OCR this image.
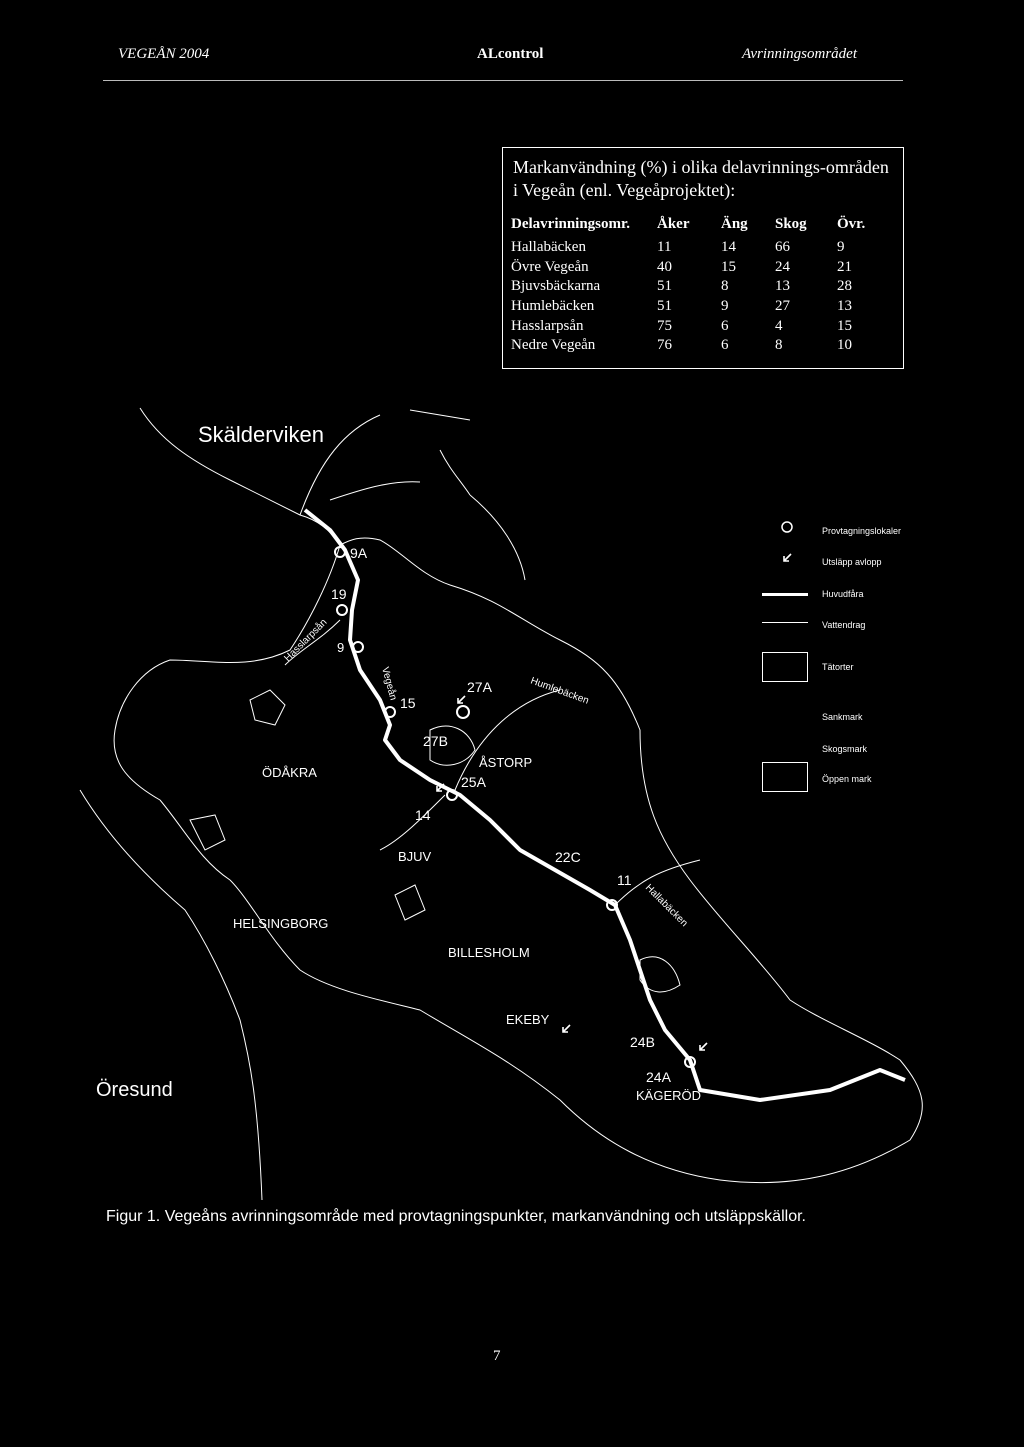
VEGEÅN 2004	ALcontrol	Avrinningsområdet
Markanvändning (%) i olika delavrinnings-områden i Vegeån (enl. Vegeåprojektet):
Delavrinningsomr.	Åker	Äng	Skog	Övr.
Hallabäcken	11	14	66	9
Övre Vegeån	40	15	24	21
Bjuvsbäckarna	51	8	13	28
Humlebäcken	51	9	27	13
Hasslarpsån	75	6	4	15
Nedre Vegeån	76	6	8	10
Skälderviken
Öresund
ÖDÅKRA
HELSINGBORG
BJUV
ÅSTORP
BILLESHOLM
EKEBY
KÄGERÖD
Hasslarpsån
Vegeån	Humlebäcken
Hallabäcken
9A
19
9
15
27A
27B
25A
14
22C
11
24B
24A
Provtagningslokaler
Utsläpp avlopp
Huvudfåra
Vattendrag
Tätorter
Sankmark
Skogsmark
Öppen mark
Figur 1. Vegeåns avrinningsområde med provtagningspunkter, markanvändning och utsläppskällor.
7
